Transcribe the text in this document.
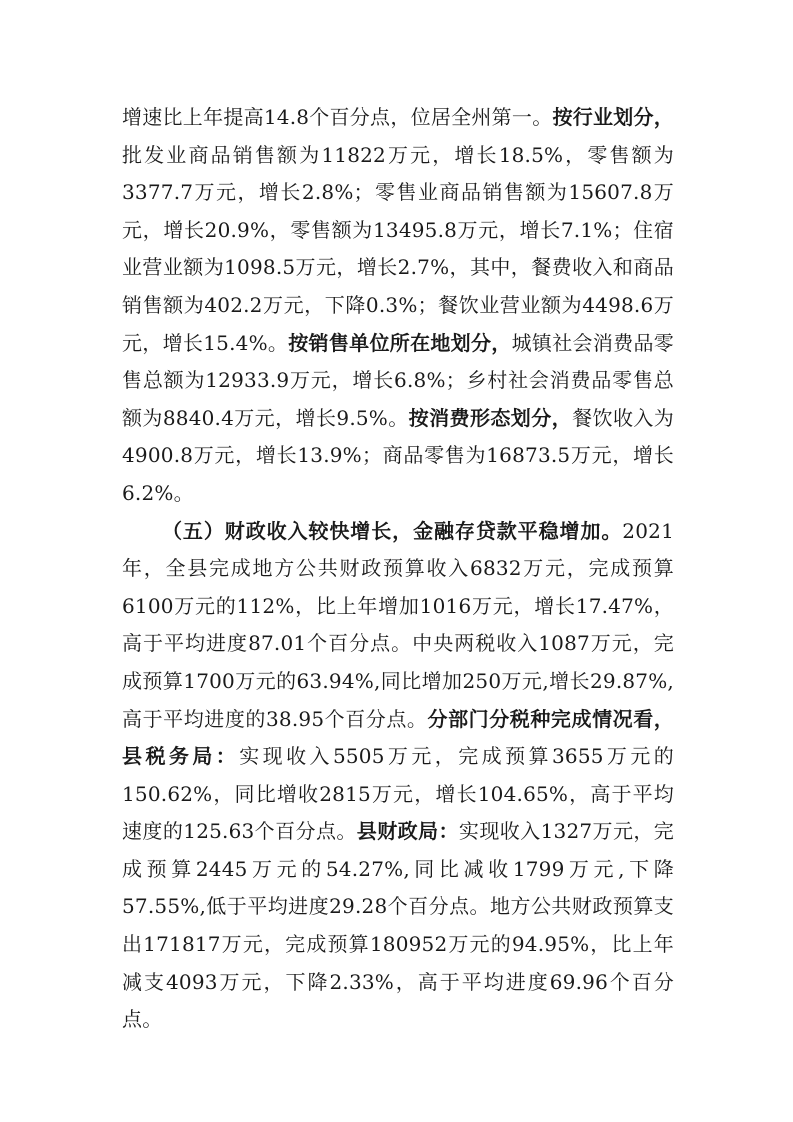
增速比上年提高14.8个百分点，位居全州第一。按行业划分，批发业商品销售额为11822万元，增长18.5%，零售额为3377.7万元，增长2.8%；零售业商品销售额为15607.8万元，增长20.9%，零售额为13495.8万元，增长7.1%；住宿业营业额为1098.5万元，增长2.7%，其中，餐费收入和商品销售额为402.2万元，下降0.3%；餐饮业营业额为4498.6万元，增长15.4%。按销售单位所在地划分，城镇社会消费品零售总额为12933.9万元，增长6.8%；乡村社会消费品零售总额为8840.4万元，增长9.5%。按消费形态划分，餐饮收入为4900.8万元，增长13.9%；商品零售为16873.5万元，增长6.2%。

（五）财政收入较快增长，金融存贷款平稳增加。2021年，全县完成地方公共财政预算收入6832万元，完成预算6100万元的112%，比上年增加1016万元，增长17.47%，高于平均进度87.01个百分点。中央两税收入1087万元，完成预算1700万元的63.94%,同比增加250万元,增长29.87%,高于平均进度的38.95个百分点。分部门分税种完成情况看，县税务局：实现收入5505万元，完成预算3655万元的150.62%，同比增收2815万元，增长104.65%，高于平均速度的125.63个百分点。县财政局：实现收入1327万元，完成预算2445万元的54.27%,同比减收1799万元,下降57.55%,低于平均进度29.28个百分点。地方公共财政预算支出171817万元，完成预算180952万元的94.95%，比上年减支4093万元，下降2.33%，高于平均进度69.96个百分点。
